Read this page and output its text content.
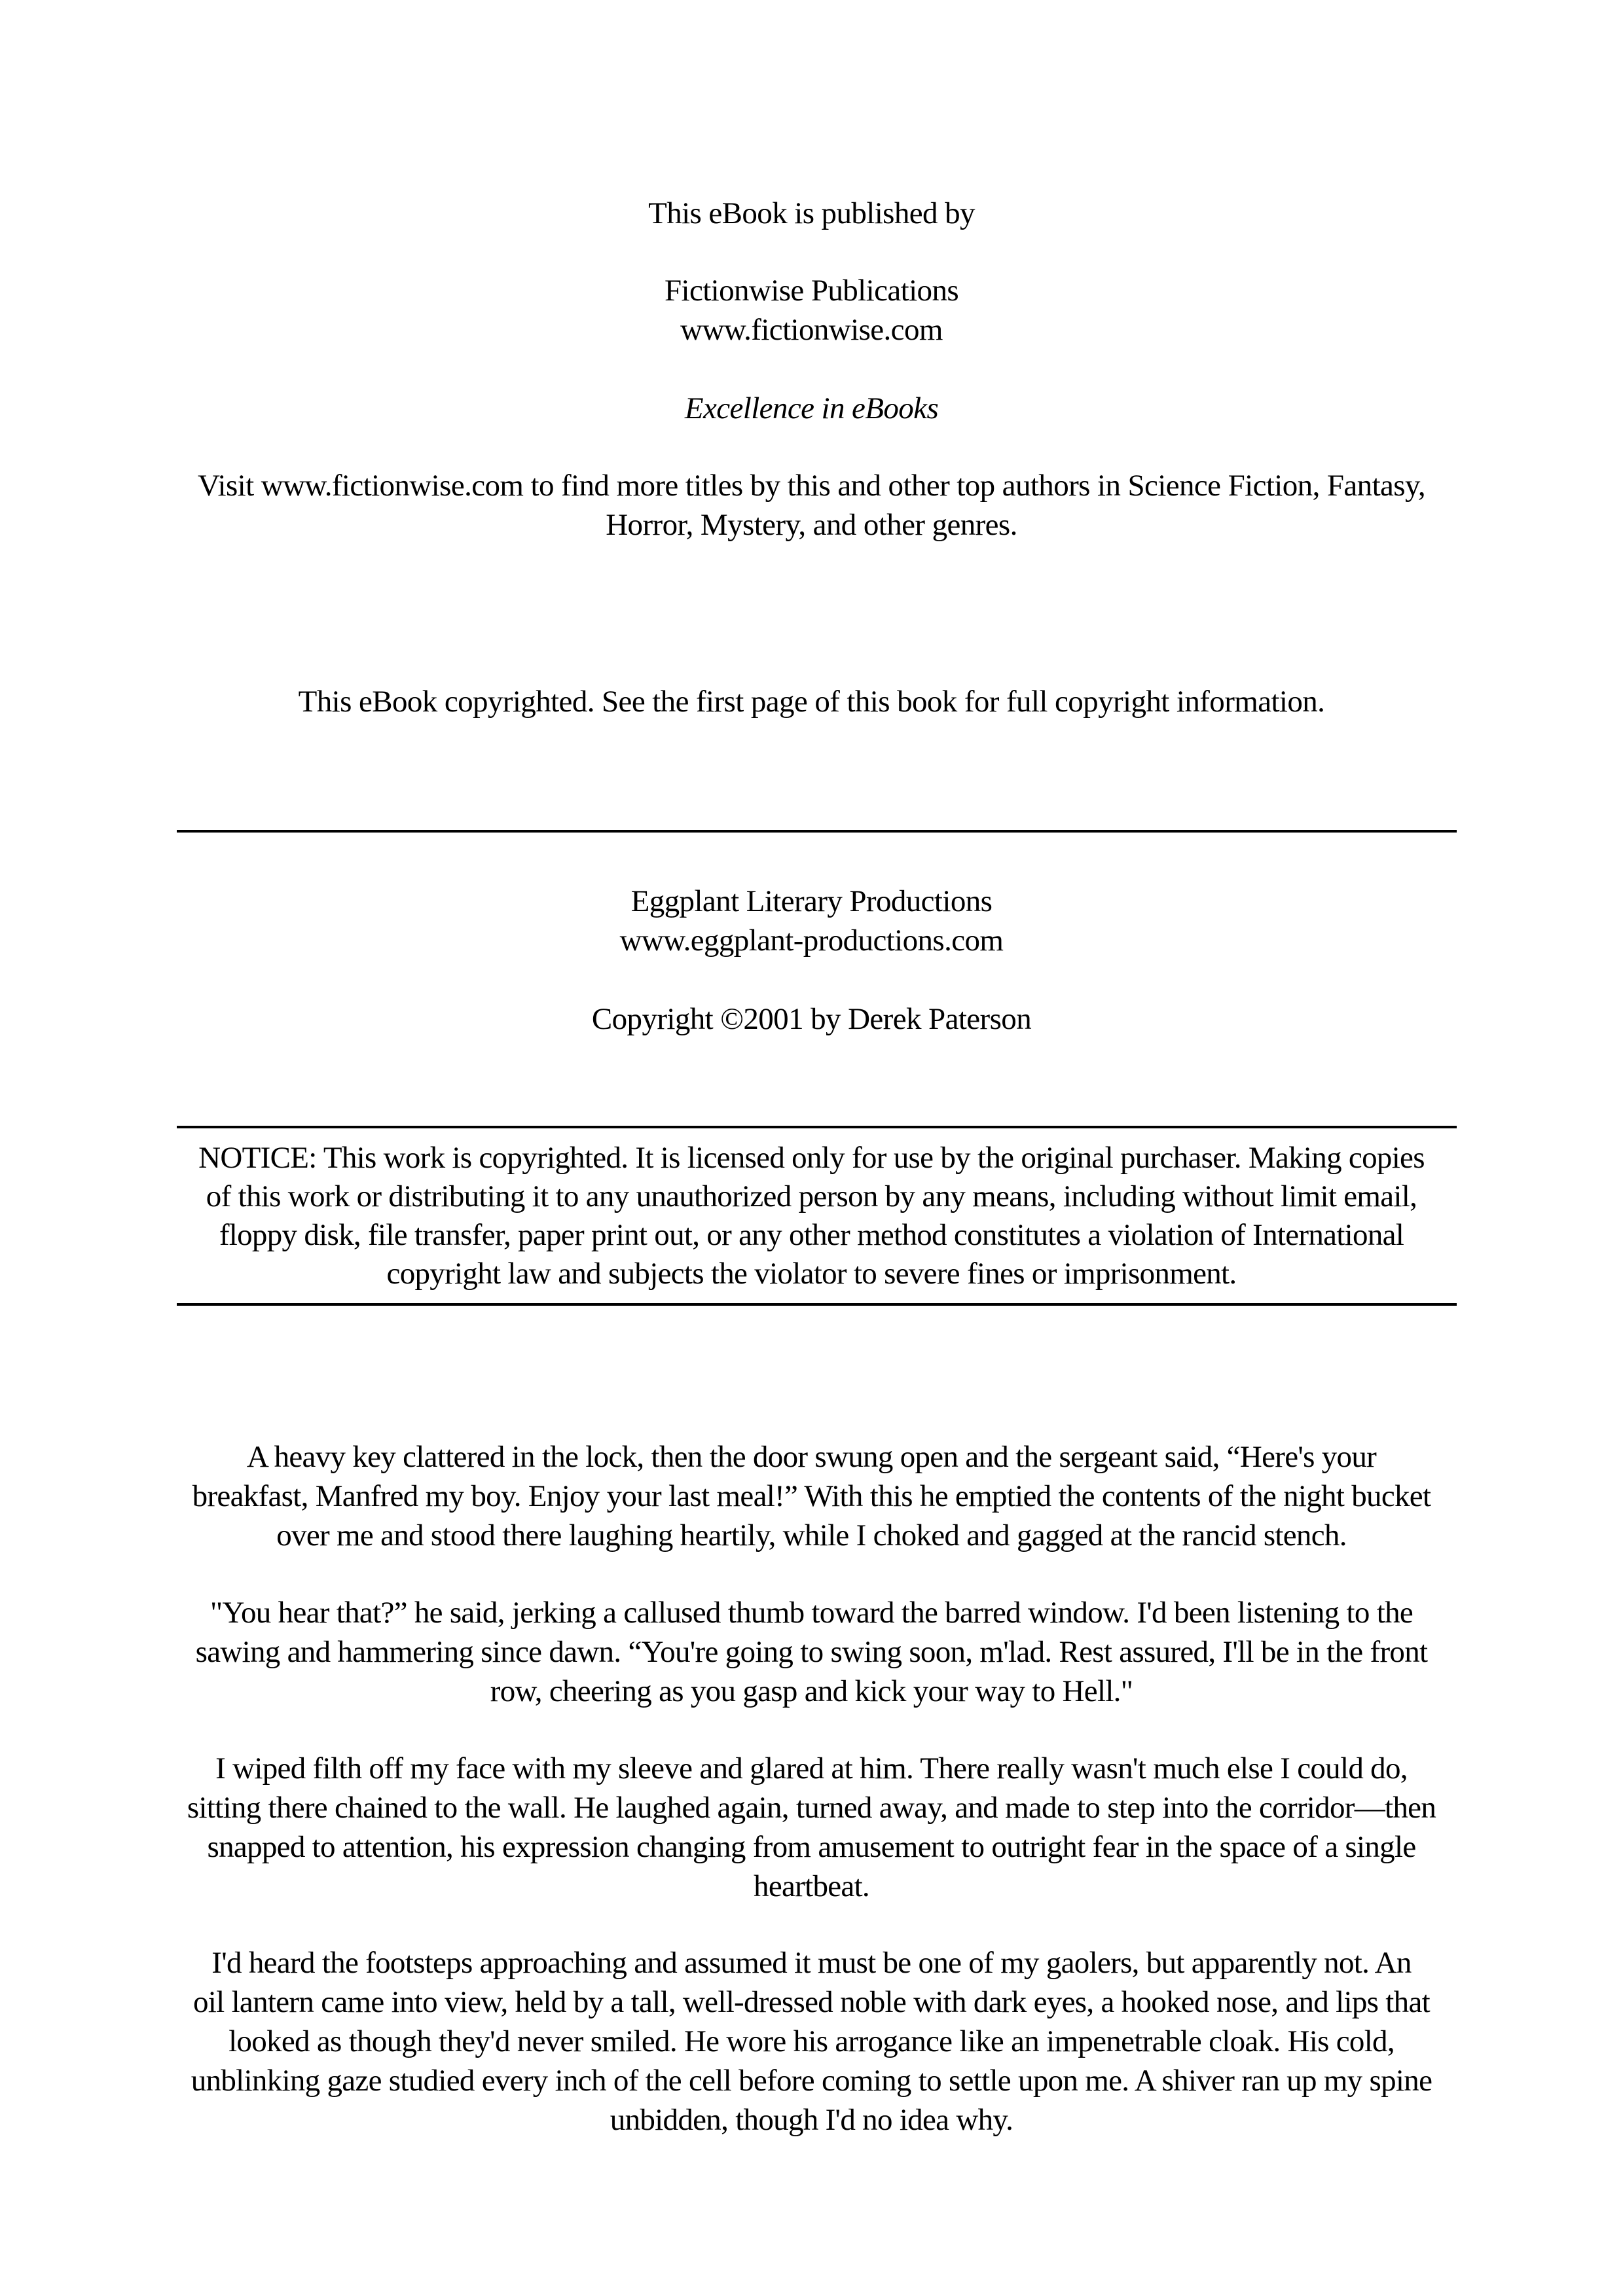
This eBook is published by

Fictionwise Publications

www.fictionwise.com

Excellence in eBooks

Visit www.fictionwise.com to find more titles by this and other top authors in Science Fiction, Fantasy,

Horror, Mystery, and other genres.

This eBook copyrighted. See the first page of this book for full copyright information.

Eggplant Literary Productions

www.eggplant-productions.com

Copyright ©2001 by Derek Paterson

NOTICE: This work is copyrighted. It is licensed only for use by the original purchaser. Making copies
of this work or distributing it to any unauthorized person by any means, including without limit email,
floppy disk, file transfer, paper print out, or any other method constitutes a violation of International
copyright law and subjects the violator to severe fines or imprisonment.

A heavy key clattered in the lock, then the door swung open and the sergeant said, “Here's your

breakfast, Manfred my boy. Enjoy your last meal!” With this he emptied the contents of the night bucket

over me and stood there laughing heartily, while I choked and gagged at the rancid stench.

"You hear that?” he said, jerking a callused thumb toward the barred window. I'd been listening to the

sawing and hammering since dawn. “You're going to swing soon, m'lad. Rest assured, I'll be in the front

row, cheering as you gasp and kick your way to Hell."

I wiped filth off my face with my sleeve and glared at him. There really wasn't much else I could do,

sitting there chained to the wall. He laughed again, turned away, and made to step into the corridor—then

snapped to attention, his expression changing from amusement to outright fear in the space of a single

heartbeat.

I'd heard the footsteps approaching and assumed it must be one of my gaolers, but apparently not. An

oil lantern came into view, held by a tall, well-dressed noble with dark eyes, a hooked nose, and lips that

looked as though they'd never smiled. He wore his arrogance like an impenetrable cloak. His cold,

unblinking gaze studied every inch of the cell before coming to settle upon me. A shiver ran up my spine

unbidden, though I'd no idea why.
